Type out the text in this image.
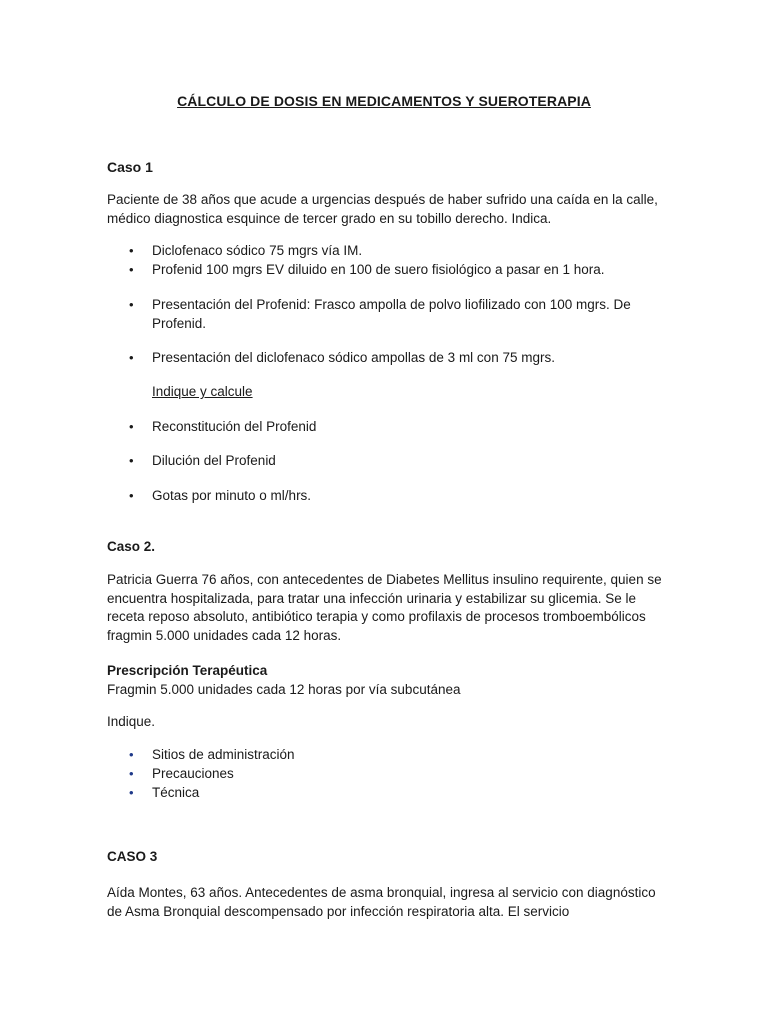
CÁLCULO DE DOSIS EN MEDICAMENTOS Y SUEROTERAPIA
Caso 1
Paciente de 38 años que acude a urgencias después de haber sufrido una caída en la calle, médico diagnostica esquince de tercer grado en su tobillo derecho. Indica.
•	Diclofenaco sódico 75 mgrs vía IM.
•	Profenid 100 mgrs EV diluido en 100 de suero fisiológico a pasar en 1 hora.
•	Presentación del Profenid: Frasco ampolla de polvo liofilizado con 100 mgrs. De Profenid.
•	Presentación del diclofenaco sódico ampollas de 3 ml con 75 mgrs.
Indique y calcule
•	Reconstitución del Profenid
•	Dilución del Profenid
•	Gotas por minuto o ml/hrs.
Caso 2.
Patricia Guerra 76 años, con antecedentes de Diabetes Mellitus insulino requirente, quien se encuentra hospitalizada, para tratar una infección urinaria y estabilizar su glicemia. Se le receta reposo absoluto, antibiótico terapia y como profilaxis de procesos tromboembólicos fragmin 5.000 unidades cada 12 horas.
Prescripción Terapéutica
Fragmin 5.000 unidades cada 12 horas por vía subcutánea
Indique.
•	Sitios de administración
•	Precauciones
•	Técnica
CASO 3
Aída Montes, 63 años. Antecedentes de asma bronquial, ingresa al servicio con diagnóstico de Asma Bronquial descompensado por infección respiratoria alta. El servicio
